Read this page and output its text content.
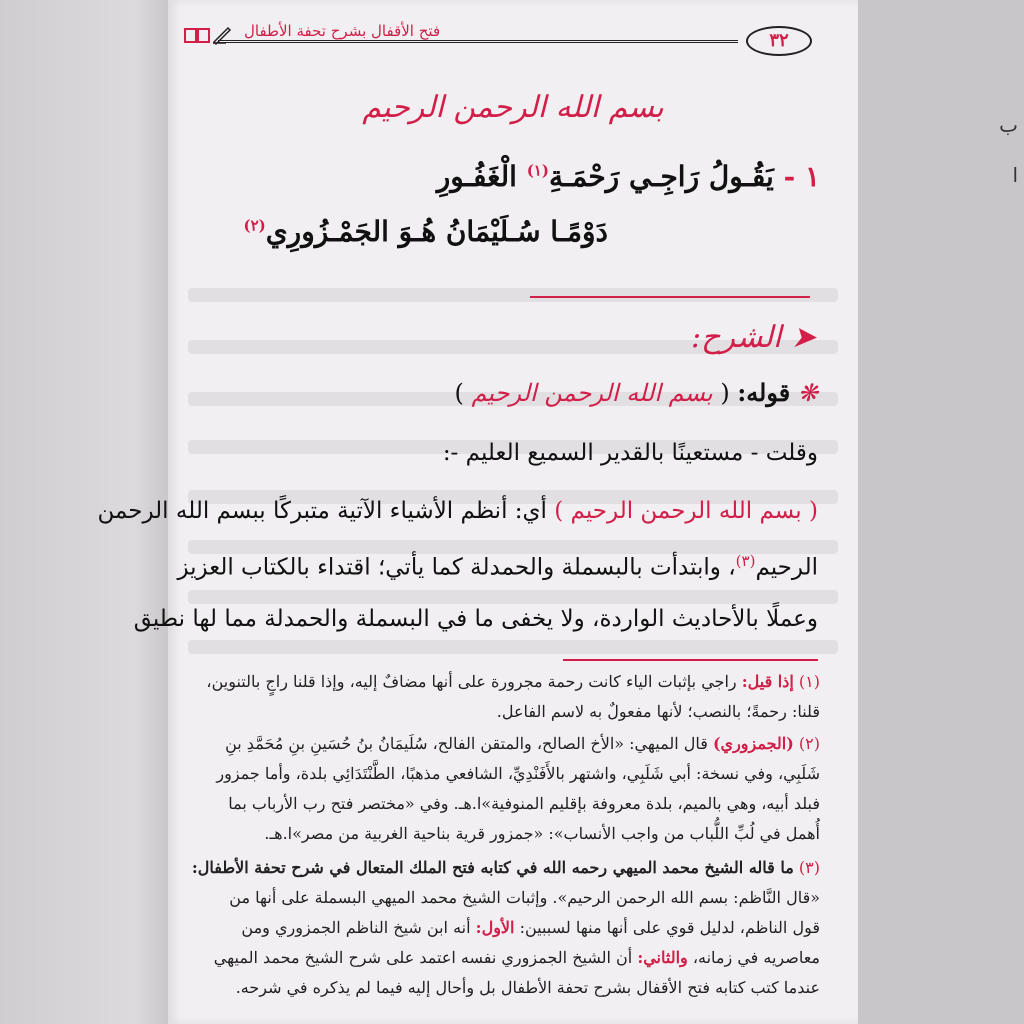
ب
ا
فتح الأقفال بشرح تحفة الأطفال	٣٢
بسم الله الرحمن الرحيم
١ - يَقُـولُ رَاجِـي رَحْمَـةِ$^{(١)}$ الْغَفُـورِ
دَوْمًـا سُـلَيْمَانُ هُـوَ الجَمْـزُورِي$^{(٢)}$
➤ الشرح:
❋ قوله: ( بسم الله الرحمن الرحيم )
وقلت - مستعينًا بالقدير السميع العليم -:
( بسم الله الرحمن الرحيم ) أي: أنظم الأشياء الآتية متبركًا ببسم الله الرحمن
الرحيم$^{(٣)}$، وابتدأت بالبسملة والحمدلة كما يأتي؛ اقتداء بالكتاب العزيز
وعملًا بالأحاديث الواردة، ولا يخفى ما في البسملة والحمدلة مما لها نطيق
(١) إذا قيل: راجي بإثبات الياء كانت رحمة مجرورة على أنها مضافٌ إليه، وإذا قلنا راجٍ بالتنوين،
قلنا: رحمةً؛ بالنصب؛ لأنها مفعولٌ به لاسم الفاعل.
(٢) (الجمزوري) قال الميهي: «الأخ الصالح، والمتقن الفالح، سُلَيمَانُ بنُ حُسَينِ بنِ مُحَمَّدِ بنِ
شَلَبِي، وفي نسخة: أبي شَلَبِي، واشتهر بالأَفَنْدِيِّ، الشافعي مذهبًا، الطَّنْتَدَائِي بلدة، وأما جمزور
فبلد أبيه، وهي بالميم، بلدة معروفة بإقليم المنوفية»ا.هـ. وفي «مختصر فتح رب الأرباب بما
أُهمل في لُبِّ اللُّباب من واجب الأنساب»: «جمزور قرية بناحية الغربية من مصر»ا.هـ.
(٣) ما قاله الشيخ محمد الميهي رحمه الله في كتابه فتح الملك المتعال في شرح تحفة الأطفال:
«قال النَّاظم: بسم الله الرحمن الرحيم». وإثبات الشيخ محمد الميهي البسملة على أنها من
قول الناظم، لدليل قوي على أنها منها لسببين: الأول: أنه ابن شيخ الناظم الجمزوري ومن
معاصريه في زمانه، والثاني: أن الشيخ الجمزوري نفسه اعتمد على شرح الشيخ محمد الميهي
عندما كتب كتابه فتح الأقفال بشرح تحفة الأطفال بل وأحال إليه فيما لم يذكره في شرحه.
